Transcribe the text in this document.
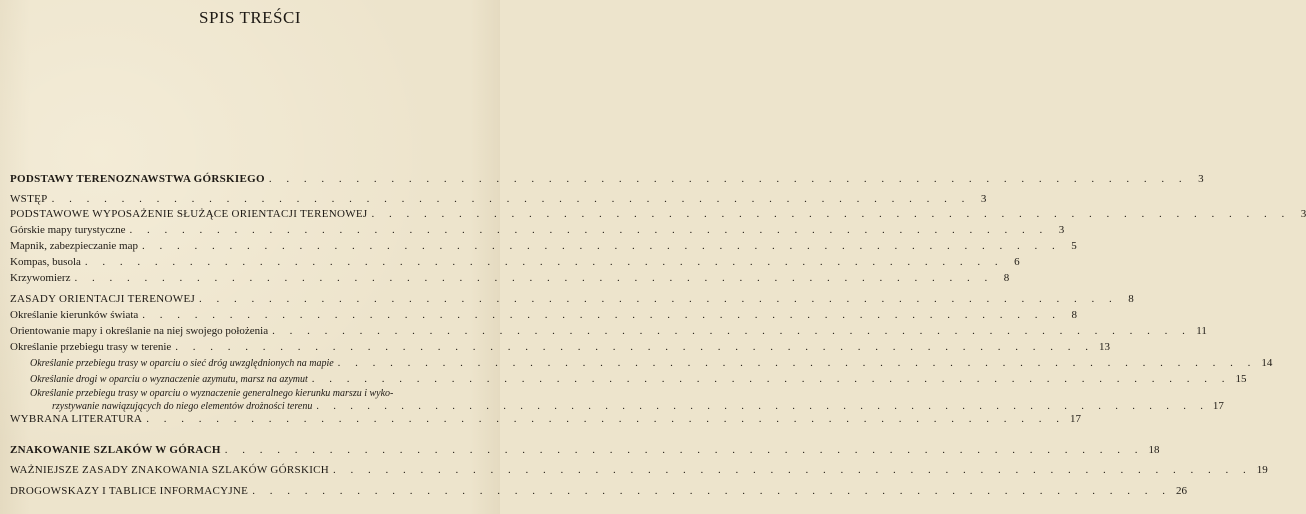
SPIS TREŚCI
PODSTAWY TERENOZNAWSTWA GÓRSKIEGO . . . . . . . . . . . . . . . . . . . . . . . . . . . . . . . . . . . . . . . . . . . . . . . . . . . . . 3
WSTĘP . . . . . . . . . . . . . . . . . . . . . . . . . . . . . . . . . . . . . . . . . . . . . . . . . . . . . 3
PODSTAWOWE WYPOSAŻENIE SŁUŻĄCE ORIENTACJI TERENOWEJ . . . . . . . . . . . . . . . . . . . . . . . . . . . . . . . . . . . . . . . . . . . . . . . . . . . . . 3
Górskie mapy turystyczne . . . . . . . . . . . . . . . . . . . . . . . . . . . . . . . . . . . . . . . . . . . . . . . . . . . . . 3
Mapnik, zabezpieczanie map . . . . . . . . . . . . . . . . . . . . . . . . . . . . . . . . . . . . . . . . . . . . . . . . . . . . . 5
Kompas, busola . . . . . . . . . . . . . . . . . . . . . . . . . . . . . . . . . . . . . . . . . . . . . . . . . . . . . 6
Krzywomierz . . . . . . . . . . . . . . . . . . . . . . . . . . . . . . . . . . . . . . . . . . . . . . . . . . . . . 8
ZASADY ORIENTACJI TERENOWEJ . . . . . . . . . . . . . . . . . . . . . . . . . . . . . . . . . . . . . . . . . . . . . . . . . . . . . 8
Określanie kierunków świata . . . . . . . . . . . . . . . . . . . . . . . . . . . . . . . . . . . . . . . . . . . . . . . . . . . . . 8
Orientowanie mapy i określanie na niej swojego położenia . . . . . . . . . . . . . . . . . . . . . . . . . . . . . . . . . . . . . . . . . . . . . . . . . . . . . 11
Określanie przebiegu trasy w terenie . . . . . . . . . . . . . . . . . . . . . . . . . . . . . . . . . . . . . . . . . . . . . . . . . . . . . 13
Określanie przebiegu trasy w oparciu o sieć dróg uwzględnionych na mapie . . . . . . . . . . . . . . . . . . . . . . . . . . . . . . . . . . . . . . . . . . . . . . . . . . . . . 14
Określanie drogi w oparciu o wyznaczenie azymutu, marsz na azymut . . . . . . . . . . . . . . . . . . . . . . . . . . . . . . . . . . . . . . . . . . . . . . . . . . . . . 15
Określanie przebiegu trasy w oparciu o wyznaczenie generalnego kierunku marszu i wyko-
rzystywanie nawiązujących do niego elementów drożności terenu . . . . . . . . . . . . . . . . . . . . . . . . . . . . . . . . . . . . . . . . . . . . . . . . . . . . . 17
WYBRANA LITERATURA . . . . . . . . . . . . . . . . . . . . . . . . . . . . . . . . . . . . . . . . . . . . . . . . . . . . . 17
ZNAKOWANIE SZLAKÓW W GÓRACH . . . . . . . . . . . . . . . . . . . . . . . . . . . . . . . . . . . . . . . . . . . . . . . . . . . . . 18
WAŻNIEJSZE ZASADY ZNAKOWANIA SZLAKÓW GÓRSKICH . . . . . . . . . . . . . . . . . . . . . . . . . . . . . . . . . . . . . . . . . . . . . . . . . . . . . 19
DROGOWSKAZY I TABLICE INFORMACYJNE . . . . . . . . . . . . . . . . . . . . . . . . . . . . . . . . . . . . . . . . . . . . . . . . . . . . . 26
